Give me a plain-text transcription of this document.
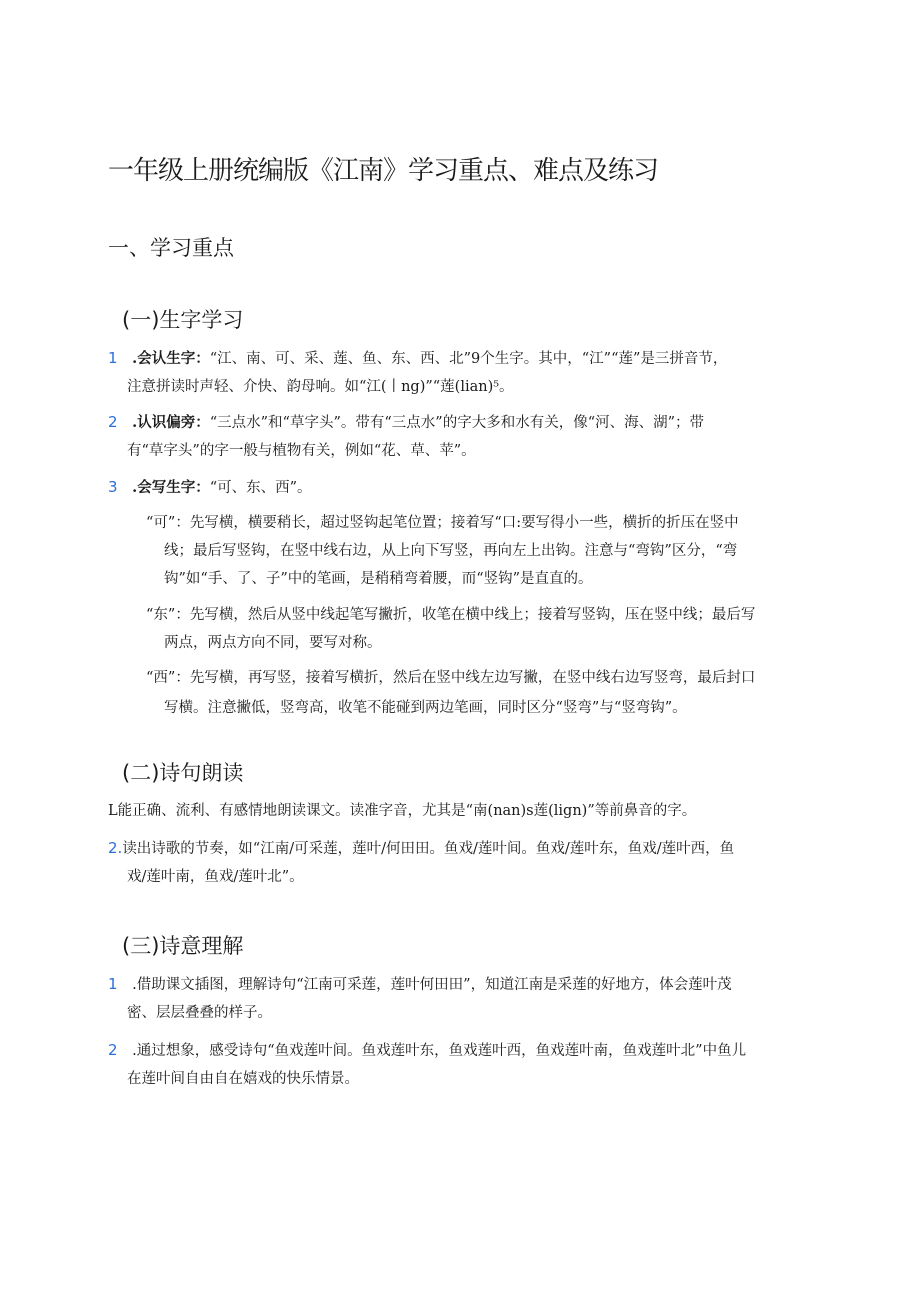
一年级上册统编版《江南》学习重点、难点及练习
一、学习重点
(一)生字学习
1 .会认生字：“江、南、可、采、莲、鱼、东、西、北”9个生字。其中，“江”“莲”是三拼音节，
注意拼读时声轻、介快、韵母响。如“江(丨ng)”“莲(lian)⁵。
2 .认识偏旁：“三点水”和“草字头”。带有“三点水”的字大多和水有关，像“河、海、湖”；带
有“草字头”的字一般与植物有关，例如“花、草、苹”。
3 .会写生字：“可、东、西”。
“可”：先写横，横要稍长，超过竖钩起笔位置；接着写“口:要写得小一些，横折的折压在竖中
线；最后写竖钩，在竖中线右边，从上向下写竖，再向左上出钩。注意与“弯钩”区分，“弯
钩”如“手、了、子”中的笔画，是稍稍弯着腰，而“竖钩”是直直的。
“东”：先写横，然后从竖中线起笔写撇折，收笔在横中线上；接着写竖钩，压在竖中线；最后写
两点，两点方向不同，要写对称。
“西”：先写横，再写竖，接着写横折，然后在竖中线左边写撇，在竖中线右边写竖弯，最后封口
写横。注意撇低，竖弯高，收笔不能碰到两边笔画，同时区分“竖弯”与“竖弯钩”。
(二)诗句朗读
L能正确、流利、有感情地朗读课文。读准字音，尤其是“南(nan)s莲(lign)”等前鼻音的字。
2.读出诗歌的节奏，如“江南/可采莲，莲叶/何田田。鱼戏/莲叶间。鱼戏/莲叶东，鱼戏/莲叶西，鱼
戏/莲叶南，鱼戏/莲叶北”。
(三)诗意理解
1 .借助课文插图，理解诗句“江南可采莲，莲叶何田田”，知道江南是采莲的好地方，体会莲叶茂
密、层层叠叠的样子。
2 .通过想象，感受诗句“鱼戏莲叶间。鱼戏莲叶东，鱼戏莲叶西，鱼戏莲叶南，鱼戏莲叶北”中鱼儿
在莲叶间自由自在嬉戏的快乐情景。
